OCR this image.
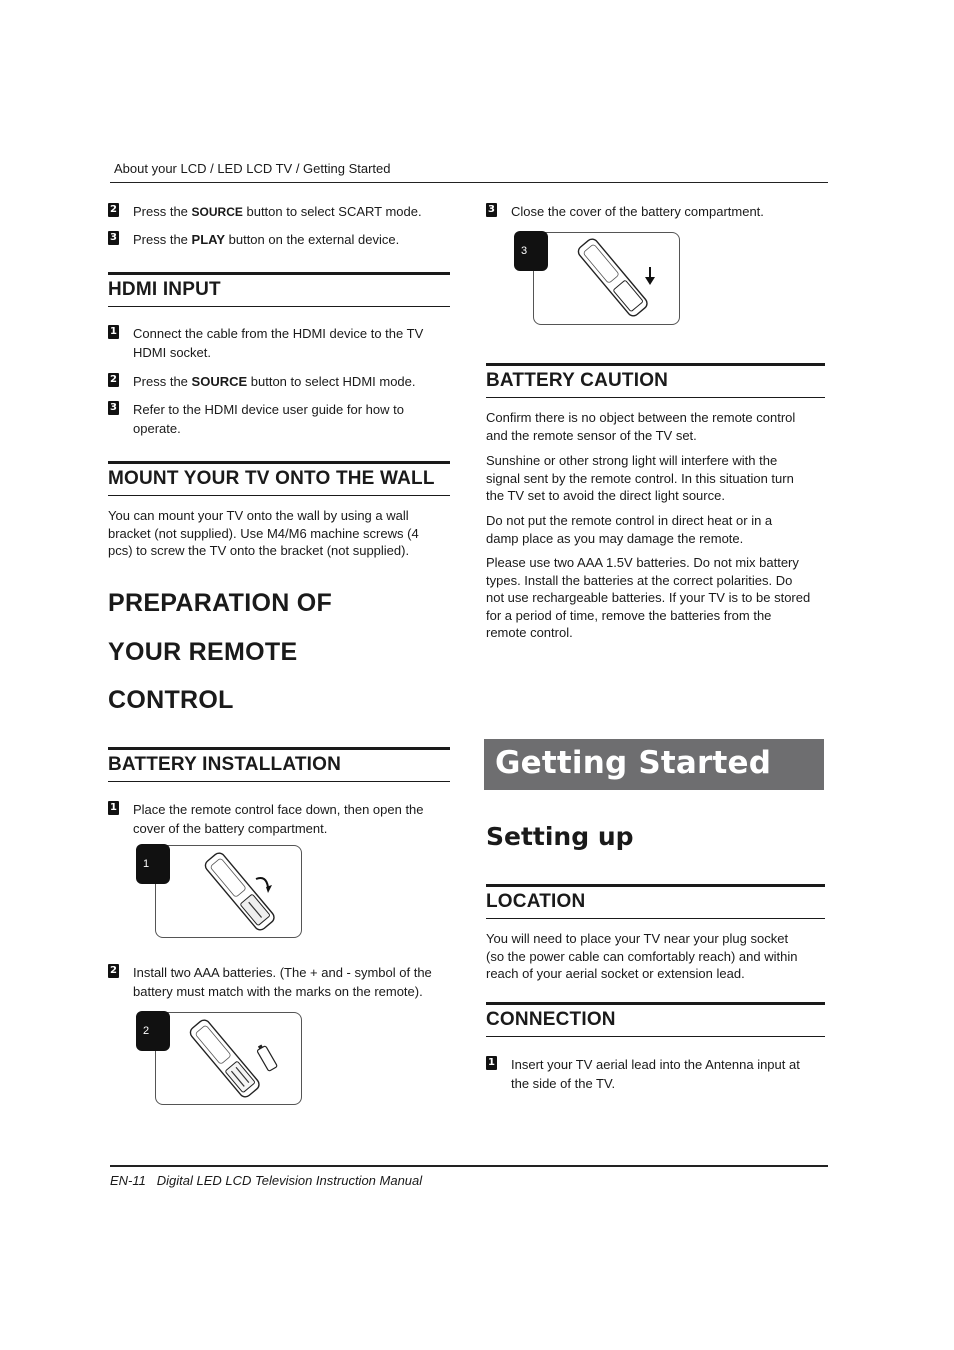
About your LCD / LED LCD TV / Getting Started
2 Press the SOURCE button to select SCART mode.
3 Press the PLAY button on the external device.
HDMI INPUT
1 Connect the cable from the HDMI device to the TV
HDMI socket.
2 Press the SOURCE button to select HDMI mode.
3 Refer to the HDMI device user guide for how to
operate.
MOUNT YOUR TV ONTO THE WALL
You can mount your TV onto the wall by using a wall
bracket (not supplied). Use M4/M6 machine screws (4
pcs) to screw the TV onto the bracket (not supplied).
PREPARATION OF
YOUR REMOTE
CONTROL
BATTERY INSTALLATION
1 Place the remote control face down, then open the
cover of the battery compartment.
1
2 Install two AAA batteries. (The + and - symbol of the
battery must match with the marks on the remote).
2
3 Close the cover of the battery compartment.
3
BATTERY CAUTION
Confirm there is no object between the remote control
and the remote sensor of the TV set.
Sunshine or other strong light will interfere with the
signal sent by the remote control. In this situation turn
the TV set to avoid the direct light source.
Do not put the remote control in direct heat or in a
damp place as you may damage the remote.
Please use two AAA 1.5V batteries. Do not mix battery
types. Install the batteries at the correct polarities. Do
not use rechargeable batteries. If your TV is to be stored
for a period of time, remove the batteries from the
remote control.
Getting Started
Setting up
LOCATION
You will need to place your TV near your plug socket
(so the power cable can comfortably reach) and within
reach of your aerial socket or extension lead.
CONNECTION
1 Insert your TV aerial lead into the Antenna input at
the side of the TV.
EN-11 Digital LED LCD Television Instruction Manual
